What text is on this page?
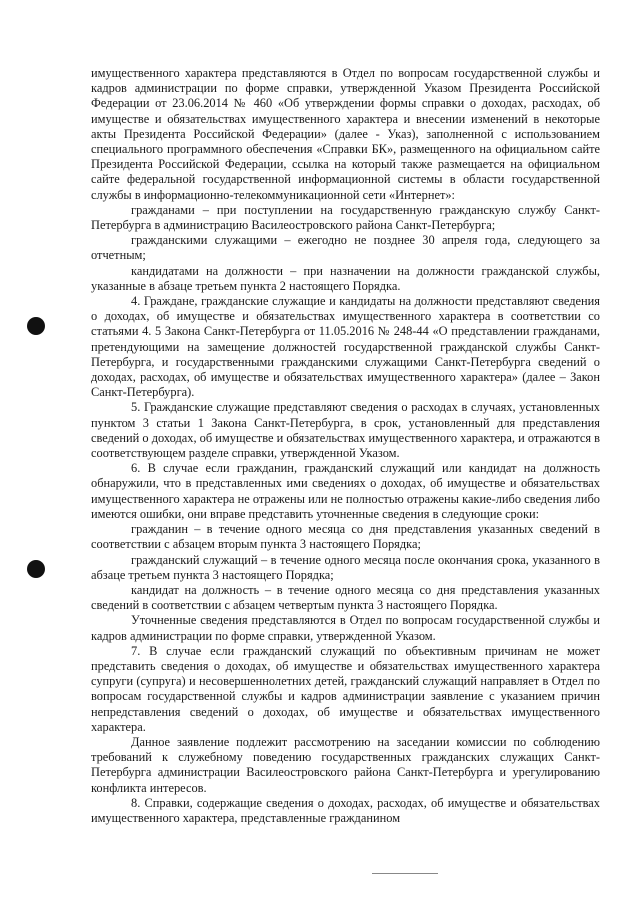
имущественного характера представляются в Отдел по вопросам государственной службы и кадров администрации по форме справки, утвержденной Указом Президента Российской Федерации от 23.06.2014 № 460 «Об утверждении формы справки о доходах, расходах, об имуществе и обязательствах имущественного характера и внесении изменений в некоторые акты Президента Российской Федерации» (далее - Указ), заполненной с использованием специального программного обеспечения «Справки БК», размещенного на официальном сайте Президента Российской Федерации, ссылка на который также размещается на официальном сайте федеральной государственной информационной системы в области государственной службы в информационно-телекоммуникационной сети «Интернет»:

гражданами – при поступлении на государственную гражданскую службу Санкт-Петербурга в администрацию Василеостровского района Санкт-Петербурга;

гражданскими служащими – ежегодно не позднее 30 апреля года, следующего за отчетным;

кандидатами на должности – при назначении на должности гражданской службы, указанные в абзаце третьем пункта 2 настоящего Порядка.

4. Граждане, гражданские служащие и кандидаты на должности представляют сведения о доходах, об имуществе и обязательствах имущественного характера в соответствии со статьями 4. 5 Закона Санкт-Петербурга от 11.05.2016 № 248-44 «О представлении гражданами, претендующими на замещение должностей государственной гражданской службы Санкт-Петербурга, и государственными гражданскими служащими Санкт-Петербурга сведений о доходах, расходах, об имуществе и обязательствах имущественного характера» (далее – Закон Санкт-Петербурга).

5. Гражданские служащие представляют сведения о расходах в случаях, установленных пунктом 3 статьи 1 Закона Санкт-Петербурга, в срок, установленный для представления сведений о доходах, об имуществе и обязательствах имущественного характера, и отражаются в соответствующем разделе справки, утвержденной Указом.

6. В случае если гражданин, гражданский служащий или кандидат на должность обнаружили, что в представленных ими сведениях о доходах, об имуществе и обязательствах имущественного характера не отражены или не полностью отражены какие-либо сведения либо имеются ошибки, они вправе представить уточненные сведения в следующие сроки:

гражданин – в течение одного месяца со дня представления указанных сведений в соответствии с абзацем вторым пункта 3 настоящего Порядка;

гражданский служащий – в течение одного месяца после окончания срока, указанного в абзаце третьем пункта 3 настоящего Порядка;

кандидат на должность – в течение одного месяца со дня представления указанных сведений в соответствии с абзацем четвертым пункта 3 настоящего Порядка.

Уточненные сведения представляются в Отдел по вопросам государственной службы и кадров администрации по форме справки, утвержденной Указом.

7. В случае если гражданский служащий по объективным причинам не может представить сведения о доходах, об имуществе и обязательствах имущественного характера супруги (супруга) и несовершеннолетних детей, гражданский служащий направляет в Отдел по вопросам государственной службы и кадров администрации заявление с указанием причин непредставления сведений о доходах, об имуществе и обязательствах имущественного характера.

Данное заявление подлежит рассмотрению на заседании комиссии по соблюдению требований к служебному поведению государственных гражданских служащих Санкт-Петербурга администрации Василеостровского района Санкт-Петербурга и урегулированию конфликта интересов.

8. Справки, содержащие сведения о доходах, расходах, об имуществе и обязательствах имущественного характера, представленные гражданином
